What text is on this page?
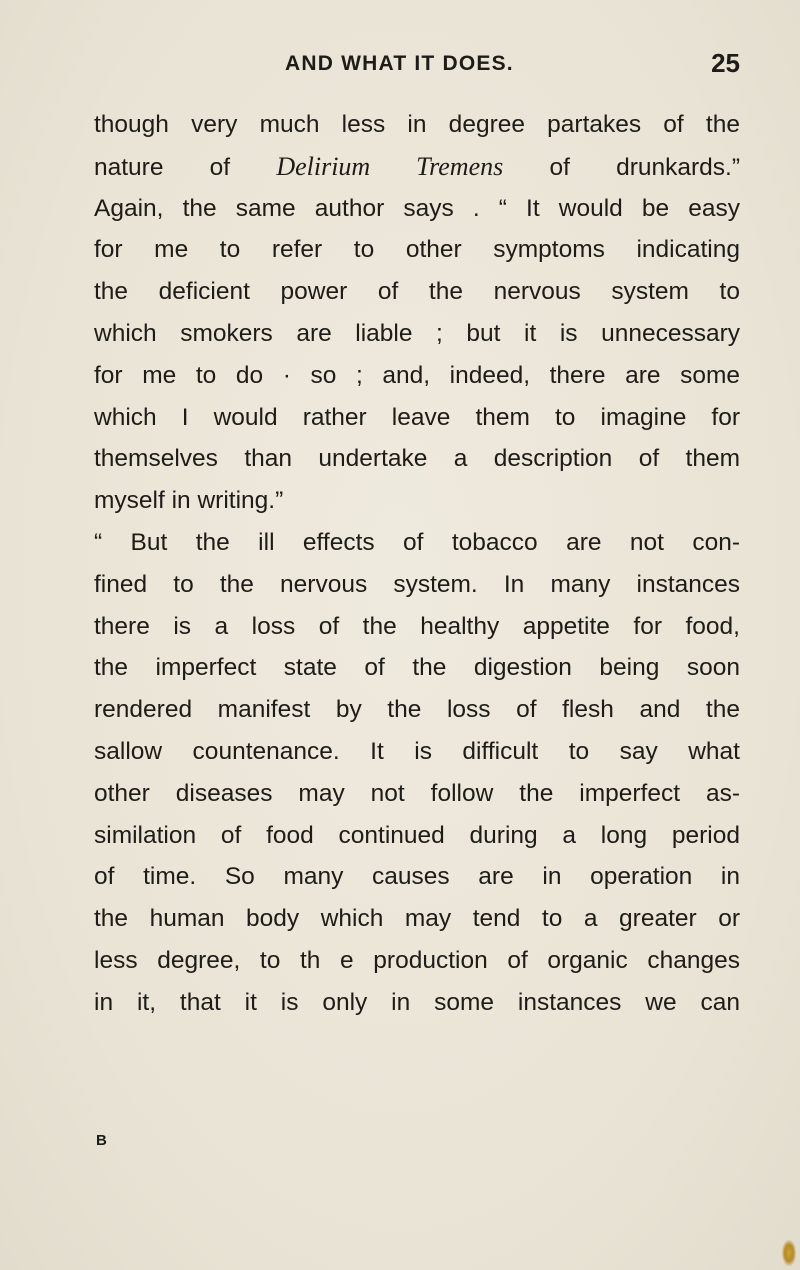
AND WHAT IT DOES.	25
though very much less in degree partakes of the
nature of Delirium Tremens of drunkards.”
Again, the same author says . “ It would be easy
for me to refer to other symptoms indicating
the deficient power of the nervous system to
which smokers are liable ; but it is unnecessary
for me to do · so ; and, indeed, there are some
which I would rather leave them to imagine for
themselves than undertake a description of them
myself in writing.”
“ But the ill effects of tobacco are not con-
fined to the nervous system. In many instances
there is a loss of the healthy appetite for food,
the imperfect state of the digestion being soon
rendered manifest by the loss of flesh and the
sallow countenance. It is difficult to say what
other diseases may not follow the imperfect as-
similation of food continued during a long period
of time. So many causes are in operation in
the human body which may tend to a greater or
less degree, to th e production of organic changes
in it, that it is only in some instances we can
B
